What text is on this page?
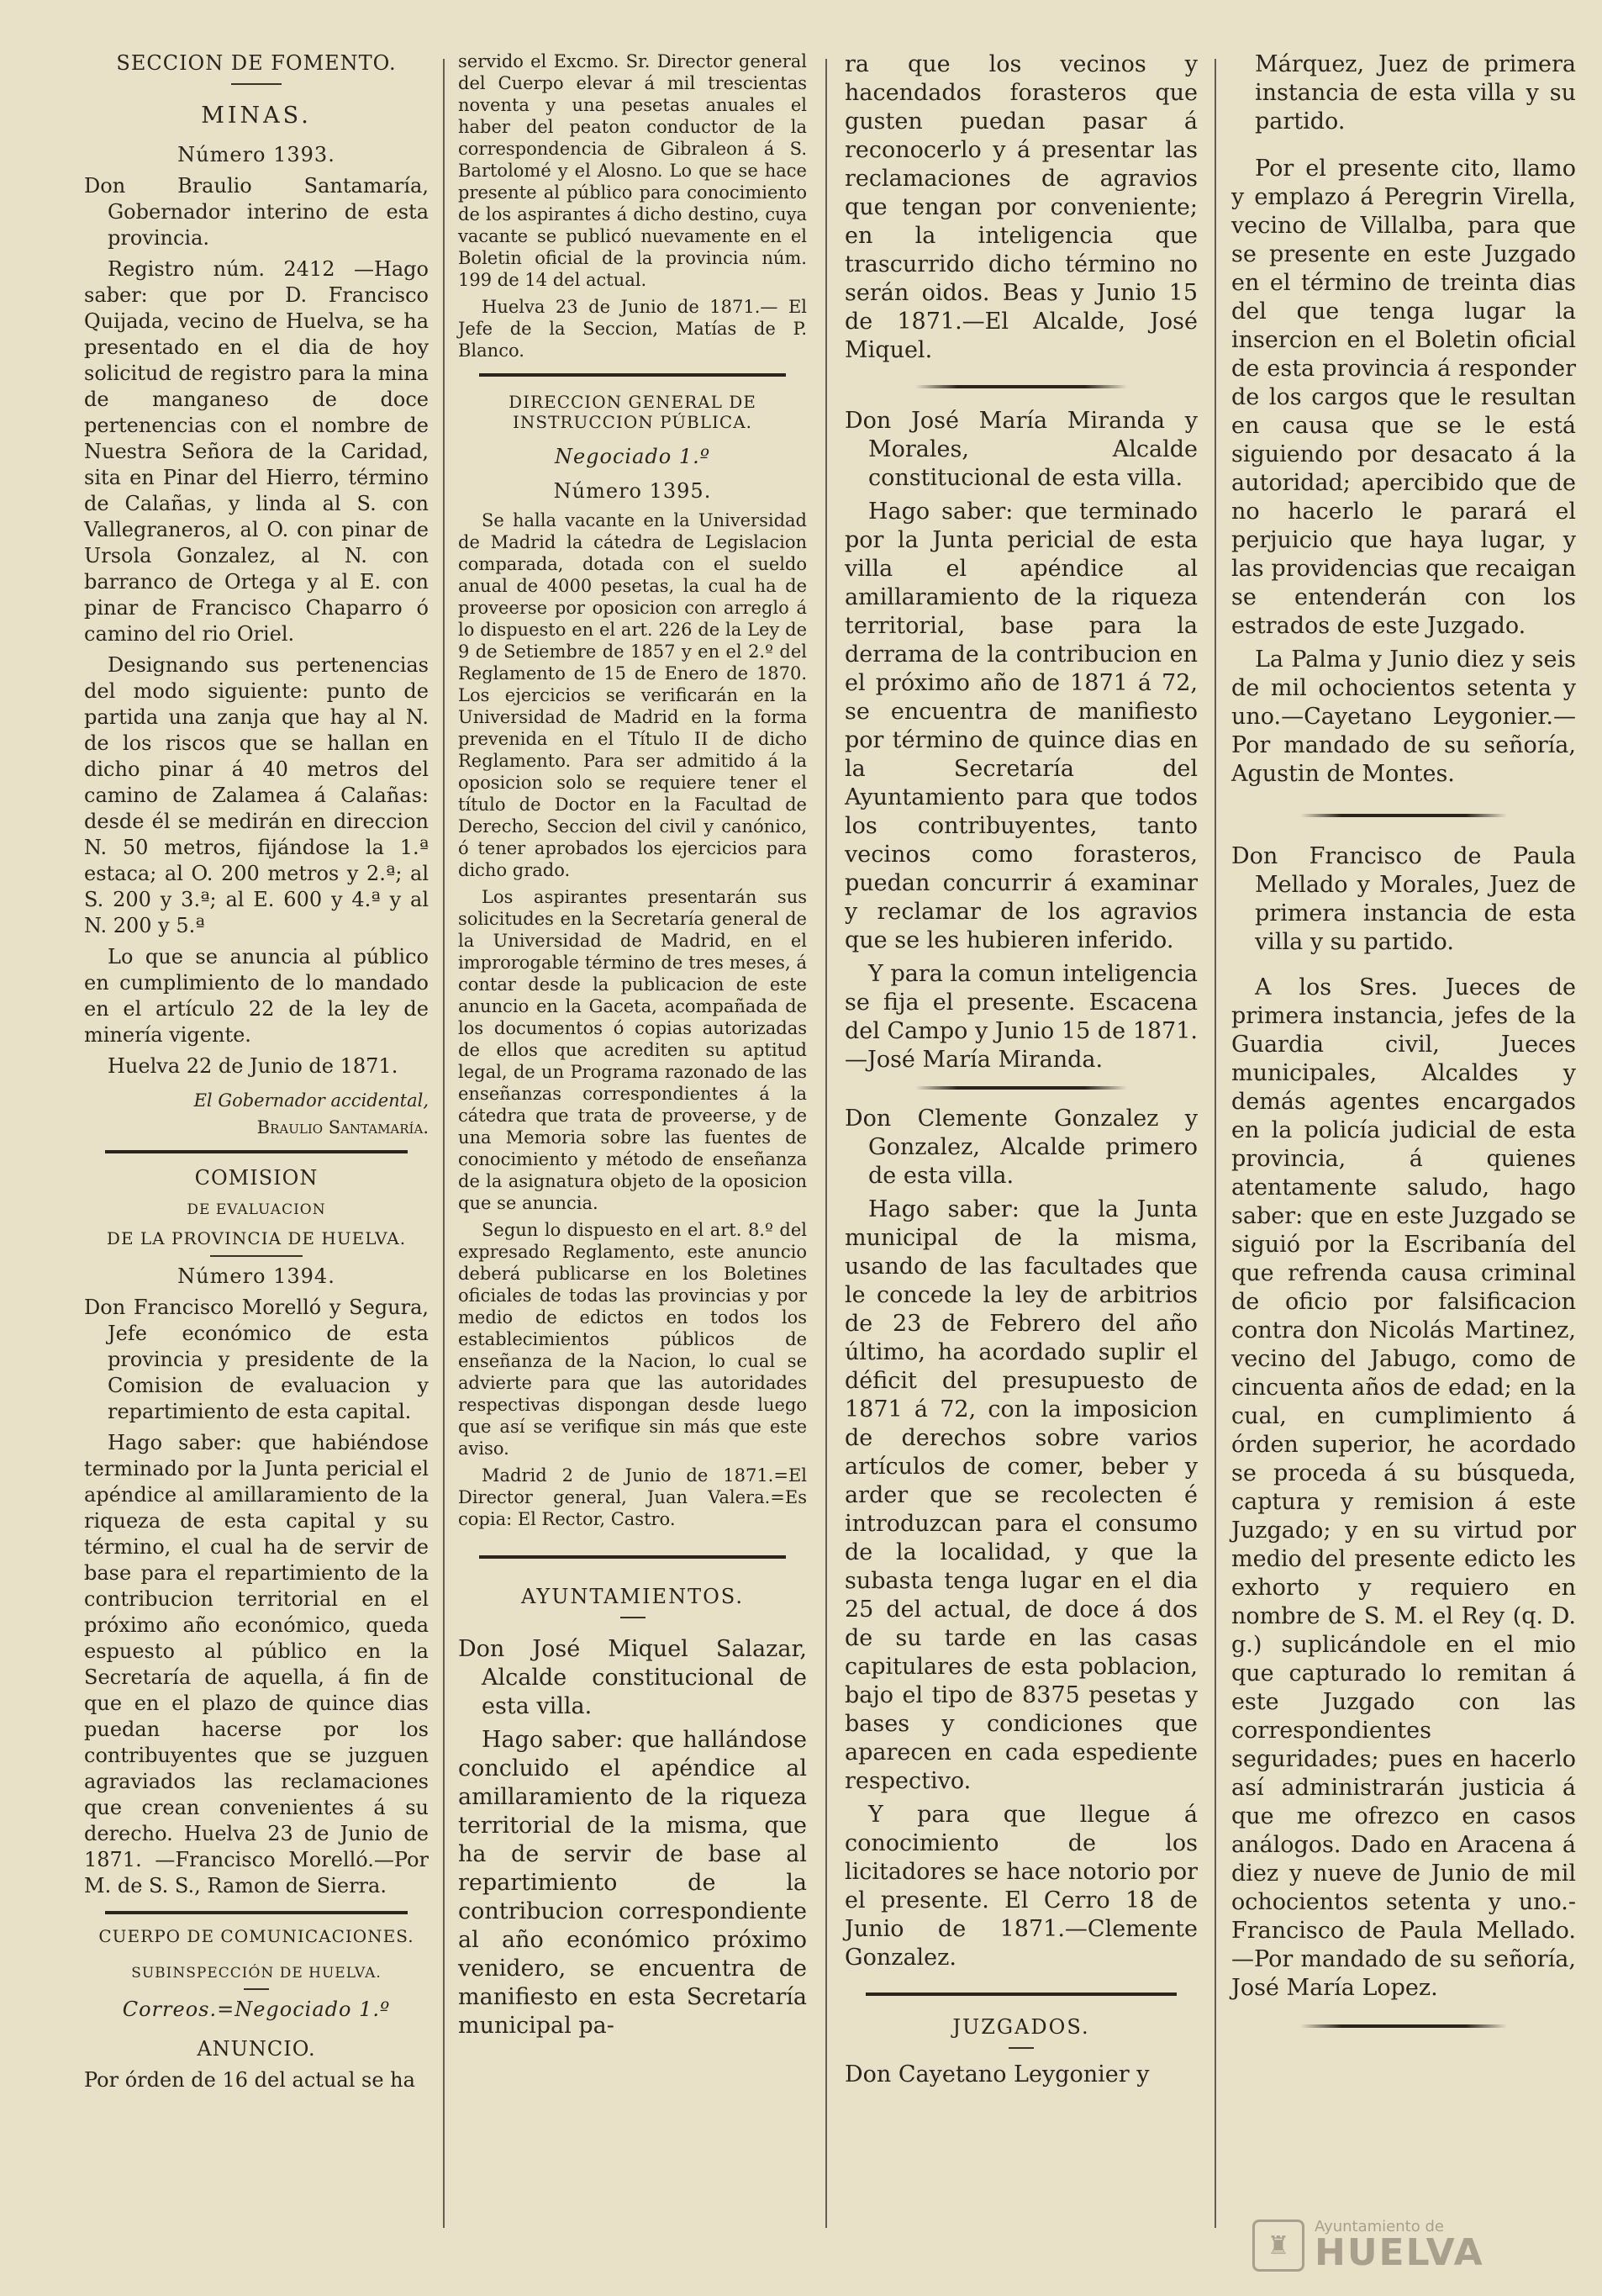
SECCION DE FOMENTO.

MINAS.

Número 1393.

Don Braulio Santamaría, Gobernador interino de esta provincia.

Registro núm. 2412 —Hago saber: que por D. Francisco Quijada, vecino de Huelva, se ha presentado en el dia de hoy solicitud de registro para la mina de manganeso de doce pertenencias con el nombre de Nuestra Señora de la Caridad, sita en Pinar del Hierro, término de Calañas, y linda al S. con Vallegraneros, al O. con pinar de Ursola Gonzalez, al N. con barranco de Ortega y al E. con pinar de Francisco Chaparro ó camino del rio Oriel.

Designando sus pertenencias del modo siguiente: punto de partida una zanja que hay al N. de los riscos que se hallan en dicho pinar á 40 metros del camino de Zalamea á Calañas: desde él se medirán en direccion N. 50 metros, fijándose la 1.ª estaca; al O. 200 metros y 2.ª; al S. 200 y 3.ª; al E. 600 y 4.ª y al N. 200 y 5.ª

Lo que se anuncia al público en cumplimiento de lo mandado en el artículo 22 de la ley de minería vigente.

Huelva 22 de Junio de 1871.

El Gobernador accidental,

Braulio Santamaría.

COMISION

DE EVALUACION

DE LA PROVINCIA DE HUELVA.

Número 1394.

Don Francisco Morelló y Segura, Jefe económico de esta provincia y presidente de la Comision de evaluacion y repartimiento de esta capital.

Hago saber: que habiéndose terminado por la Junta pericial el apéndice al amillaramiento de la riqueza de esta capital y su término, el cual ha de servir de base para el repartimiento de la contribucion territorial en el próximo año económico, queda espuesto al público en la Secretaría de aquella, á fin de que en el plazo de quince dias puedan hacerse por los contribuyentes que se juzguen agraviados las reclamaciones que crean convenientes á su derecho. Huelva 23 de Junio de 1871. —Francisco Morelló.—Por M. de S. S., Ramon de Sierra.

CUERPO DE COMUNICACIONES.

SUBINSPECCIÓN DE HUELVA.

Correos.=Negociado 1.º

ANUNCIO.

Por órden de 16 del actual se ha

servido el Excmo. Sr. Director general del Cuerpo elevar á mil trescientas noventa y una pesetas anuales el haber del peaton conductor de la correspondencia de Gibraleon á S. Bartolomé y el Alosno. Lo que se hace presente al público para conocimiento de los aspirantes á dicho destino, cuya vacante se publicó nuevamente en el Boletin oficial de la provincia núm. 199 de 14 del actual.

Huelva 23 de Junio de 1871.— El Jefe de la Seccion, Matías de P. Blanco.

DIRECCION GENERAL DE INSTRUCCION PÚBLICA.

Negociado 1.º

Número 1395.

Se halla vacante en la Universidad de Madrid la cátedra de Legislacion comparada, dotada con el sueldo anual de 4000 pesetas, la cual ha de proveerse por oposicion con arreglo á lo dispuesto en el art. 226 de la Ley de 9 de Setiembre de 1857 y en el 2.º del Reglamento de 15 de Enero de 1870. Los ejercicios se verificarán en la Universidad de Madrid en la forma prevenida en el Título II de dicho Reglamento. Para ser admitido á la oposicion solo se requiere tener el título de Doctor en la Facultad de Derecho, Seccion del civil y canónico, ó tener aprobados los ejercicios para dicho grado.

Los aspirantes presentarán sus solicitudes en la Secretaría general de la Universidad de Madrid, en el improrogable término de tres meses, á contar desde la publicacion de este anuncio en la Gaceta, acompañada de los documentos ó copias autorizadas de ellos que acrediten su aptitud legal, de un Programa razonado de las enseñanzas correspondientes á la cátedra que trata de proveerse, y de una Memoria sobre las fuentes de conocimiento y método de enseñanza de la asignatura objeto de la oposicion que se anuncia.

Segun lo dispuesto en el art. 8.º del expresado Reglamento, este anuncio deberá publicarse en los Boletines oficiales de todas las provincias y por medio de edictos en todos los establecimientos públicos de enseñanza de la Nacion, lo cual se advierte para que las autoridades respectivas dispongan desde luego que así se verifique sin más que este aviso.

Madrid 2 de Junio de 1871.=El Director general, Juan Valera.=Es copia: El Rector, Castro.

AYUNTAMIENTOS.

Don José Miquel Salazar, Alcalde constitucional de esta villa.

Hago saber: que hallándose concluido el apéndice al amillaramiento de la riqueza territorial de la misma, que ha de servir de base al repartimiento de la contribucion correspondiente al año económico próximo venidero, se encuentra de manifiesto en esta Secretaría municipal pa-

ra que los vecinos y hacendados forasteros que gusten puedan pasar á reconocerlo y á presentar las reclamaciones de agravios que tengan por conveniente; en la inteligencia que trascurrido dicho término no serán oidos. Beas y Junio 15 de 1871.—El Alcalde, José Miquel.

Don José María Miranda y Morales, Alcalde constitucional de esta villa.

Hago saber: que terminado por la Junta pericial de esta villa el apéndice al amillaramiento de la riqueza territorial, base para la derrama de la contribucion en el próximo año de 1871 á 72, se encuentra de manifiesto por término de quince dias en la Secretaría del Ayuntamiento para que todos los contribuyentes, tanto vecinos como forasteros, puedan concurrir á examinar y reclamar de los agravios que se les hubieren inferido.

Y para la comun inteligencia se fija el presente. Escacena del Campo y Junio 15 de 1871.—José María Miranda.

Don Clemente Gonzalez y Gonzalez, Alcalde primero de esta villa.

Hago saber: que la Junta municipal de la misma, usando de las facultades que le concede la ley de arbitrios de 23 de Febrero del año último, ha acordado suplir el déficit del presupuesto de 1871 á 72, con la imposicion de derechos sobre varios artículos de comer, beber y arder que se recolecten é introduzcan para el consumo de la localidad, y que la subasta tenga lugar en el dia 25 del actual, de doce á dos de su tarde en las casas capitulares de esta poblacion, bajo el tipo de 8375 pesetas y bases y condiciones que aparecen en cada espediente respectivo.

Y para que llegue á conocimiento de los licitadores se hace notorio por el presente. El Cerro 18 de Junio de 1871.—Clemente Gonzalez.

JUZGADOS.

Don Cayetano Leygonier y

Márquez, Juez de primera instancia de esta villa y su partido.

Por el presente cito, llamo y emplazo á Peregrin Virella, vecino de Villalba, para que se presente en este Juzgado en el término de treinta dias del que tenga lugar la insercion en el Boletin oficial de esta provincia á responder de los cargos que le resultan en causa que se le está siguiendo por desacato á la autoridad; apercibido que de no hacerlo le parará el perjuicio que haya lugar, y las providencias que recaigan se entenderán con los estrados de este Juzgado.

La Palma y Junio diez y seis de mil ochocientos setenta y uno.—Cayetano Leygonier.—Por mandado de su señoría, Agustin de Montes.

Don Francisco de Paula Mellado y Morales, Juez de primera instancia de esta villa y su partido.

A los Sres. Jueces de primera instancia, jefes de la Guardia civil, Jueces municipales, Alcaldes y demás agentes encargados en la policía judicial de esta provincia, á quienes atentamente saludo, hago saber: que en este Juzgado se siguió por la Escribanía del que refrenda causa criminal de oficio por falsificacion contra don Nicolás Martinez, vecino del Jabugo, como de cincuenta años de edad; en la cual, en cumplimiento á órden superior, he acordado se proceda á su búsqueda, captura y remision á este Juzgado; y en su virtud por medio del presente edicto les exhorto y requiero en nombre de S. M. el Rey (q. D. g.) suplicándole en el mio que capturado lo remitan á este Juzgado con las correspondientes seguridades; pues en hacerlo así administrarán justicia á que me ofrezco en casos análogos. Dado en Aracena á diez y nueve de Junio de mil ochocientos setenta y uno.-Francisco de Paula Mellado.—Por mandado de su señoría, José María Lopez.

♜
Ayuntamiento de
HUELVA
